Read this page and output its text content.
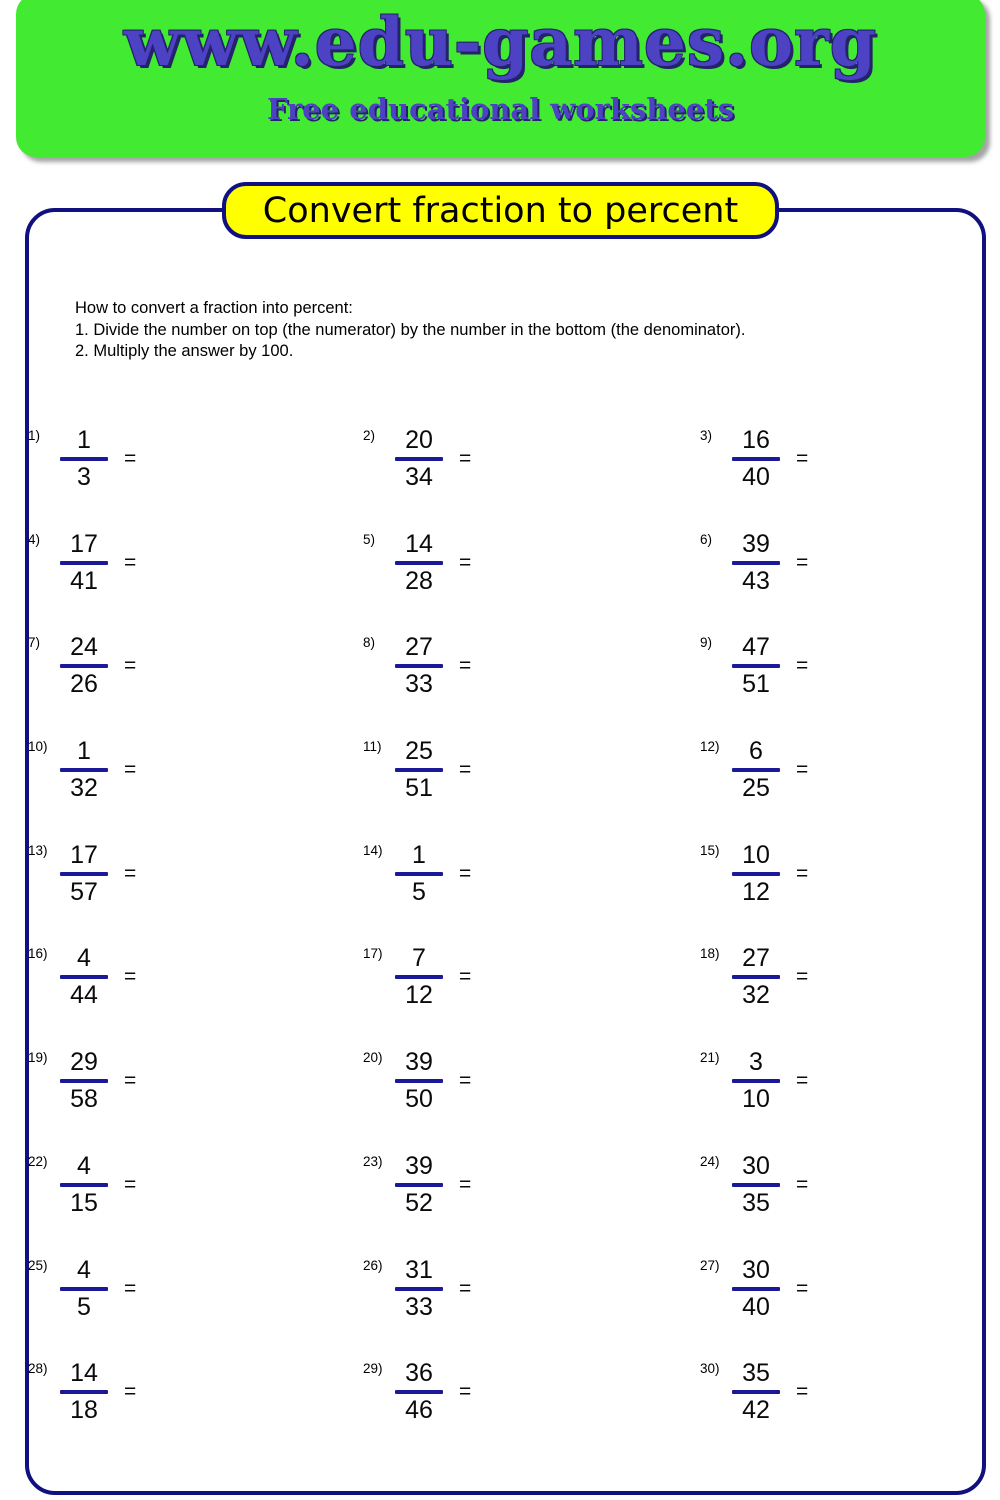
www.edu-games.org
Free educational worksheets
Convert fraction to percent
How to convert a fraction into percent:
1. Divide the number on top (the numerator) by the number in the bottom (the denominator).
2. Multiply the answer by 100.
$1) \frac{1}{3}$ =
$2) \frac{20}{34}$ =
$3) \frac{16}{40}$ =
$4) \frac{17}{41}$ =
$5) \frac{14}{28}$ =
$6) \frac{39}{43}$ =
$7) \frac{24}{26}$ =
$8) \frac{27}{33}$ =
$9) \frac{47}{51}$ =
$10) \frac{1}{32}$ =
$11) \frac{25}{51}$ =
$12) \frac{6}{25}$ =
$13) \frac{17}{57}$ =
$14) \frac{1}{5}$ =
$15) \frac{10}{12}$ =
$16) \frac{4}{44}$ =
$17) \frac{7}{12}$ =
$18) \frac{27}{32}$ =
$19) \frac{29}{58}$ =
$20) \frac{39}{50}$ =
$21) \frac{3}{10}$ =
$22) \frac{4}{15}$ =
$23) \frac{39}{52}$ =
$24) \frac{30}{35}$ =
$25) \frac{4}{5}$ =
$26) \frac{31}{33}$ =
$27) \frac{30}{40}$ =
$28) \frac{14}{18}$ =
$29) \frac{36}{46}$ =
$30) \frac{35}{42}$ =
